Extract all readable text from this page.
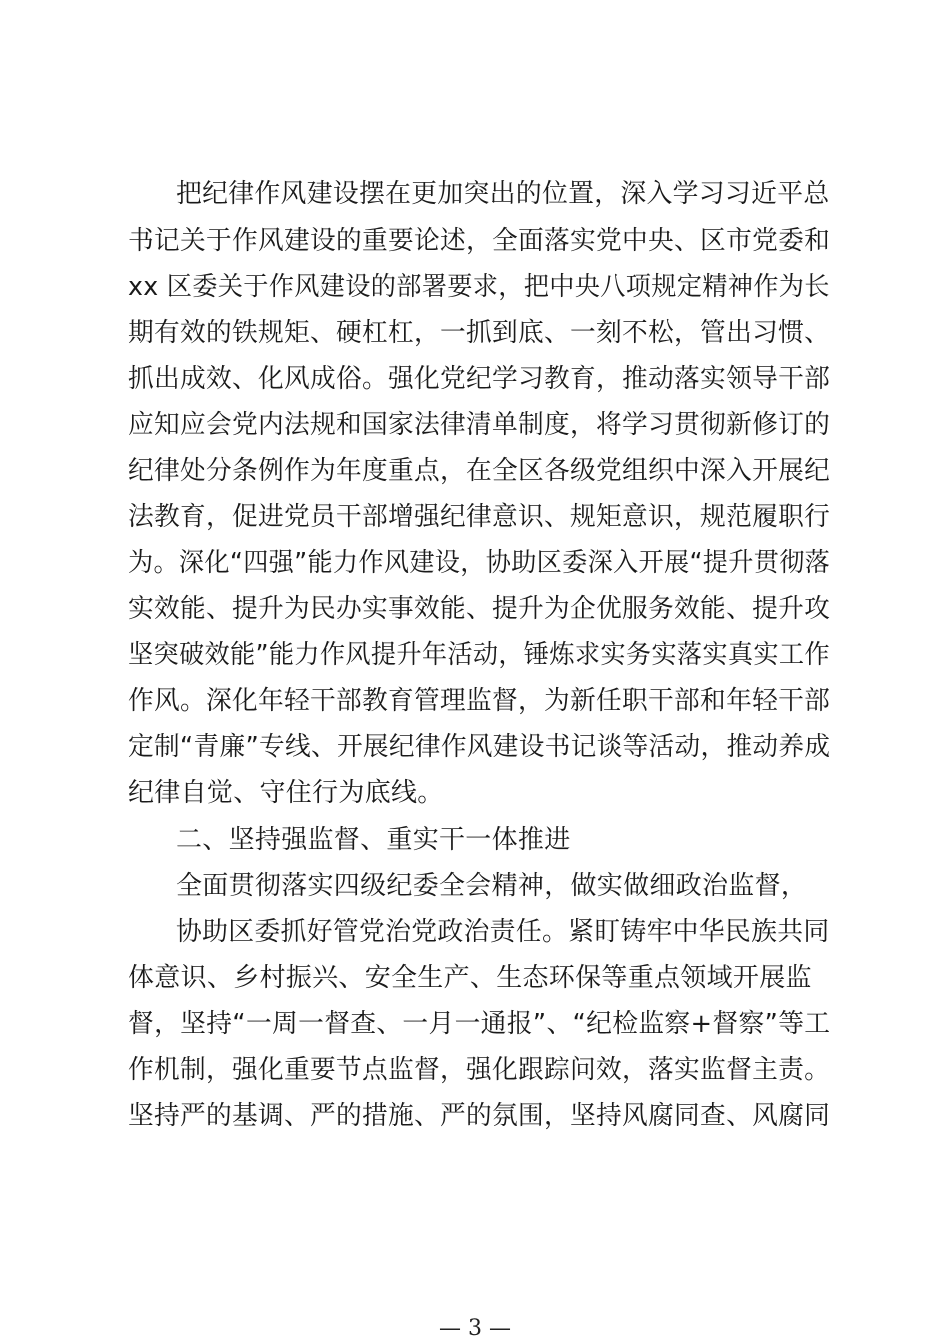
把纪律作风建设摆在更加突出的位置，深入学习习近平总
书记关于作风建设的重要论述，全面落实党中央、区市党委和
xx 区委关于作风建设的部署要求，把中央八项规定精神作为长
期有效的铁规矩、硬杠杠，一抓到底、一刻不松，管出习惯、
抓出成效、化风成俗。强化党纪学习教育，推动落实领导干部
应知应会党内法规和国家法律清单制度，将学习贯彻新修订的
纪律处分条例作为年度重点，在全区各级党组织中深入开展纪
法教育，促进党员干部增强纪律意识、规矩意识，规范履职行
为。深化“四强”能力作风建设，协助区委深入开展“提升贯彻落
实效能、提升为民办实事效能、提升为企优服务效能、提升攻
坚突破效能”能力作风提升年活动，锤炼求实务实落实真实工作
作风。深化年轻干部教育管理监督，为新任职干部和年轻干部
定制“青廉”专线、开展纪律作风建设书记谈等活动，推动养成
纪律自觉、守住行为底线。
二、坚持强监督、重实干一体推进
全面贯彻落实四级纪委全会精神，做实做细政治监督，
协助区委抓好管党治党政治责任。紧盯铸牢中华民族共同
体意识、乡村振兴、安全生产、生态环保等重点领域开展监
督，坚持“一周一督查、一月一通报”、“纪检监察+督察”等工
作机制，强化重要节点监督，强化跟踪问效，落实监督主责。
坚持严的基调、严的措施、严的氛围，坚持风腐同查、风腐同
— 3 —
